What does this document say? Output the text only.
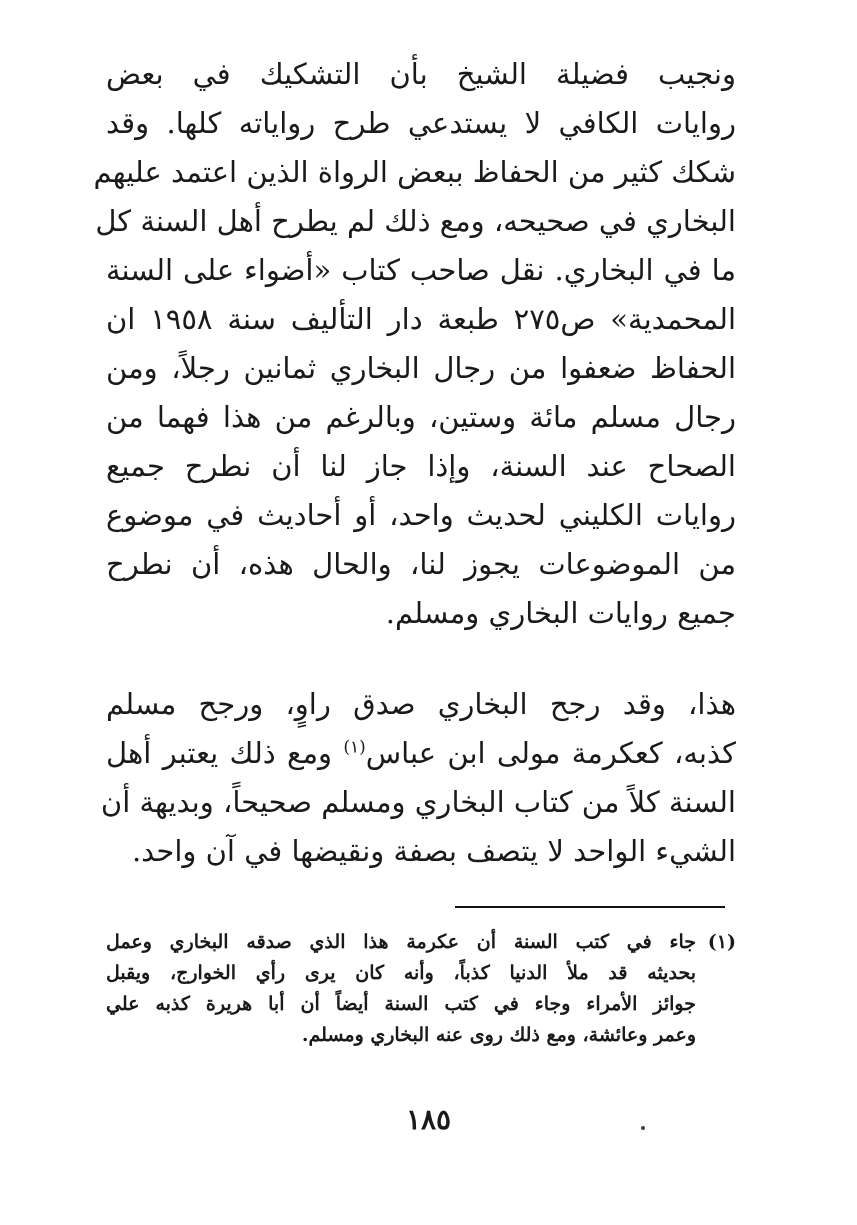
ونجيب فضيلة الشيخ بأن التشكيك في بعض
روايات الكافي لا يستدعي طرح رواياته كلها. وقد
شكك كثير من الحفاظ ببعض الرواة الذين اعتمد عليهم
البخاري في صحيحه، ومع ذلك لم يطرح أهل السنة كل
ما في البخاري. نقل صاحب كتاب «أضواء على السنة
المحمدية» ص٢٧٥ طبعة دار التأليف سنة ١٩٥٨ ان
الحفاظ ضعفوا من رجال البخاري ثمانين رجلاً، ومن
رجال مسلم مائة وستين، وبالرغم من هذا فهما من
الصحاح عند السنة، وإذا جاز لنا أن نطرح جميع
روايات الكليني لحديث واحد، أو أحاديث في موضوع
من الموضوعات يجوز لنا، والحال هذه، أن نطرح
جميع روايات البخاري ومسلم.
هذا، وقد رجح البخاري صدق راوٍ، ورجح مسلم
كذبه، كعكرمة مولى ابن عباس$^{(١)}$ ومع ذلك يعتبر أهل
السنة كلاً من كتاب البخاري ومسلم صحيحاً، وبديهة أن
الشيء الواحد لا يتصف بصفة ونقيضها في آن واحد.
(١)
جاء في كتب السنة أن عكرمة هذا الذي صدقه البخاري وعمل
بحديثه قد ملأ الدنيا كذباً، وأنه كان يرى رأي الخوارج، ويقبل
جوائز الأمراء وجاء في كتب السنة أيضاً أن أبا هريرة كذبه علي
وعمر وعائشة، ومع ذلك روى عنه البخاري ومسلم.
١٨٥
